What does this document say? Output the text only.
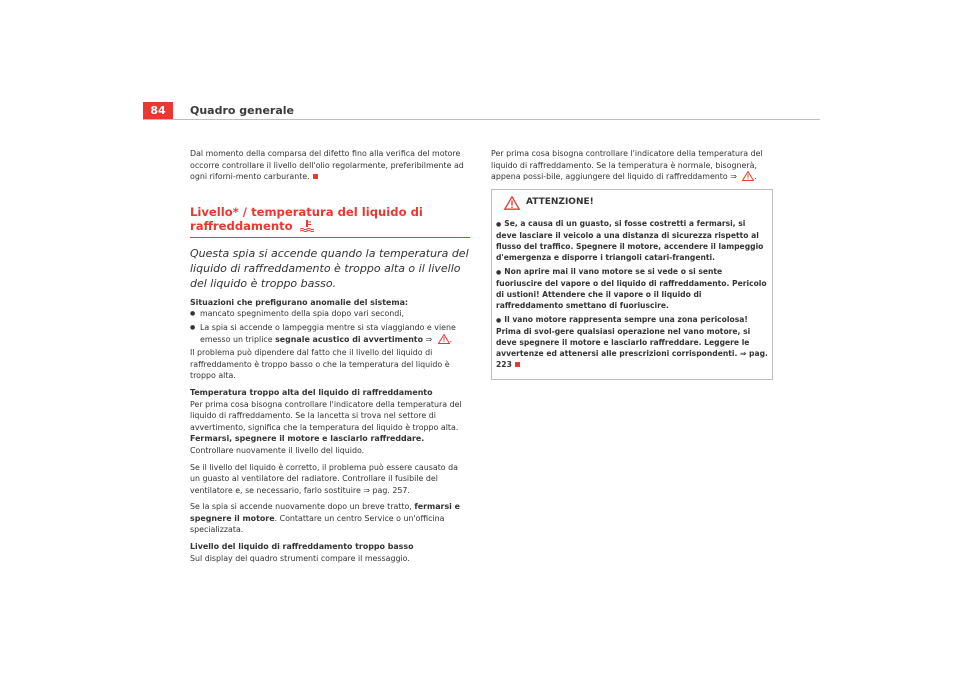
84	Quadro generale

Dal momento della comparsa del difetto fino alla verifica del motore occorre controllare il livello dell'olio regolarmente, preferibilmente ad ogni riforni-mento carburante.

Livello* / temperatura del liquido di raffreddamento

Questa spia si accende quando la temperatura del liquido di raffreddamento è troppo alta o il livello del liquido è troppo basso.

Situazioni che prefigurano anomalie del sistema:

● mancato spegnimento della spia dopo vari secondi,

● La spia si accende o lampeggia mentre si sta viaggiando e viene emesso un triplice segnale acustico di avvertimento ⇒ .

Il problema può dipendere dal fatto che il livello del liquido di raffreddamento è troppo basso o che la temperatura del liquido è troppo alta.

Temperatura troppo alta del liquido di raffreddamento

Per prima cosa bisogna controllare l'indicatore della temperatura del liquido di raffreddamento. Se la lancetta si trova nel settore di avvertimento, significa che la temperatura del liquido è troppo alta. Fermarsi, spegnere il motore e lasciarlo raffreddare. Controllare nuovamente il livello del liquido.

Se il livello del liquido è corretto, il problema può essere causato da un guasto al ventilatore del radiatore. Controllare il fusibile del ventilatore e, se necessario, farlo sostituire ⇒ pag. 257.

Se la spia si accende nuovamente dopo un breve tratto, fermarsi e spegnere il motore. Contattare un centro Service o un'officina specializzata.

Livello del liquido di raffreddamento troppo basso

Sul display del quadro strumenti compare il messaggio.

Per prima cosa bisogna controllare l'indicatore della temperatura del liquido di raffreddamento. Se la temperatura è normale, bisognerà, appena possi-bile, aggiungere del liquido di raffreddamento ⇒ .

ATTENZIONE!

● Se, a causa di un guasto, si fosse costretti a fermarsi, si deve lasciare il veicolo a una distanza di sicurezza rispetto al flusso del traffico. Spegnere il motore, accendere il lampeggio d'emergenza e disporre i triangoli catari-frangenti.

● Non aprire mai il vano motore se si vede o si sente fuoriuscire del vapore o del liquido di raffreddamento. Pericolo di ustioni! Attendere che il vapore o il liquido di raffreddamento smettano di fuoriuscire.

● Il vano motore rappresenta sempre una zona pericolosa! Prima di svol-gere qualsiasi operazione nel vano motore, si deve spegnere il motore e lasciarlo raffreddare. Leggere le avvertenze ed attenersi alle prescrizioni corrispondenti. ⇒ pag. 223
